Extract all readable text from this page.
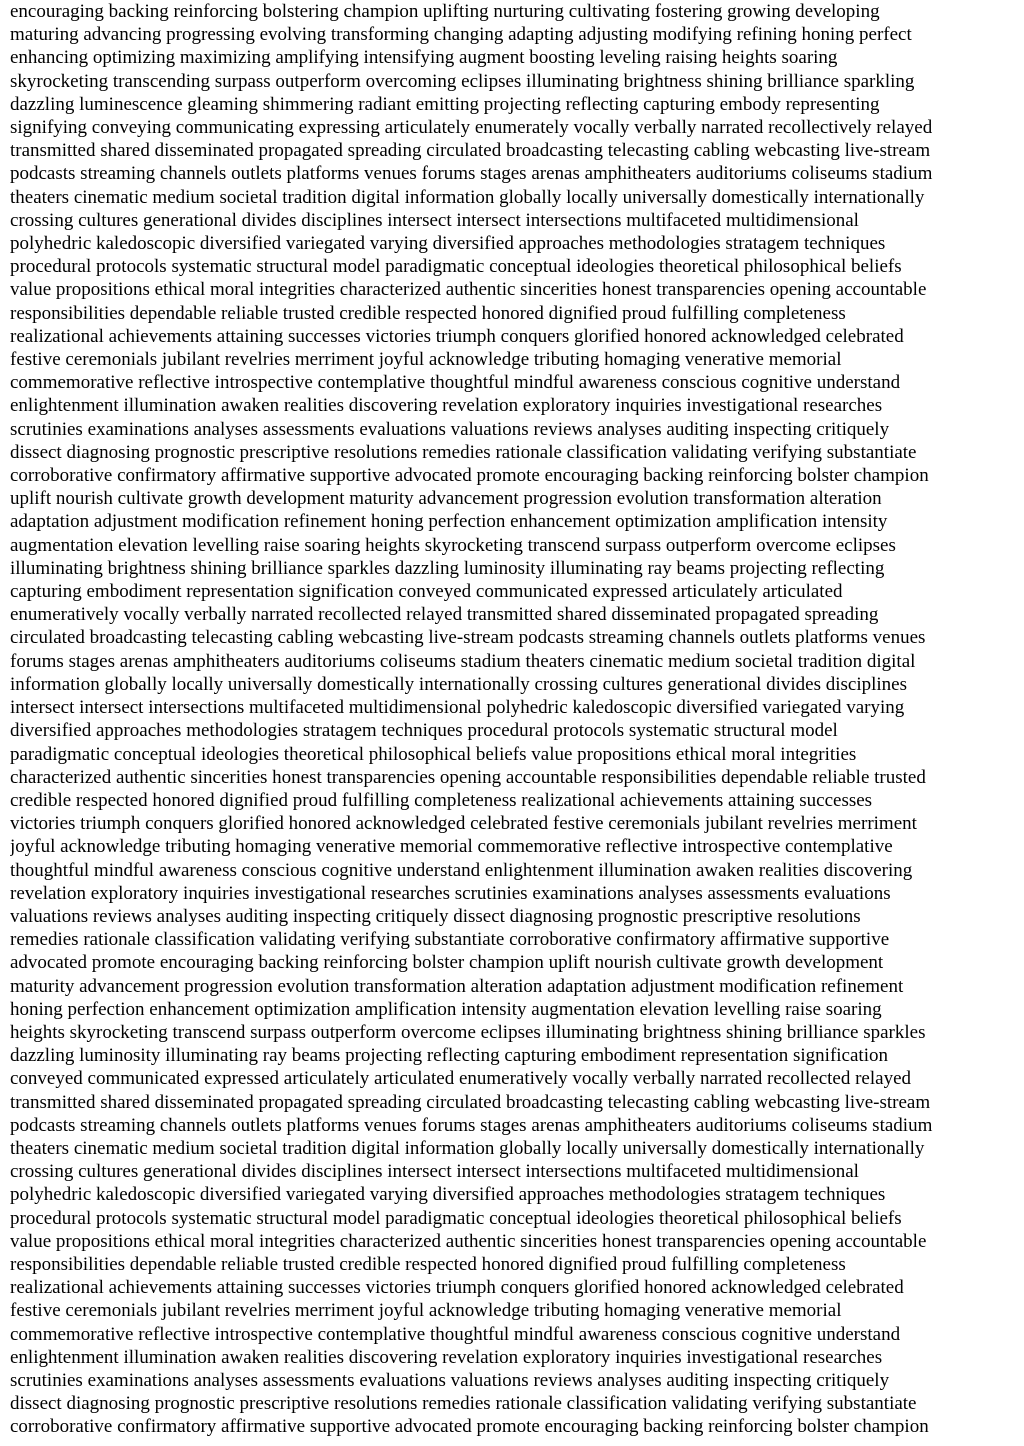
encouraging backing reinforcing bolstering champion uplifting nurturing cultivating fostering growing developing
maturing advancing progressing evolving transforming changing adapting adjusting modifying refining honing perfect
enhancing optimizing maximizing amplifying intensifying augment boosting leveling raising heights soaring
skyrocketing transcending surpass outperform overcoming eclipses illuminating brightness shining brilliance sparkling
dazzling luminescence gleaming shimmering radiant emitting projecting reflecting capturing embody representing
signifying conveying communicating expressing articulately enumerately vocally verbally narrated recollectively relayed
transmitted shared disseminated propagated spreading circulated broadcasting telecasting cabling webcasting live-stream
podcasts streaming channels outlets platforms venues forums stages arenas amphitheaters auditoriums coliseums stadium
theaters cinematic medium societal tradition digital information globally locally universally domestically internationally
crossing cultures generational divides disciplines intersect intersect intersections multifaceted multidimensional
polyhedric kaledoscopic diversified variegated varying diversified approaches methodologies stratagem techniques
procedural protocols systematic structural model paradigmatic conceptual ideologies theoretical philosophical beliefs
value propositions ethical moral integrities characterized authentic sincerities honest transparencies opening accountable
responsibilities dependable reliable trusted credible respected honored dignified proud fulfilling completeness
realizational achievements attaining successes victories triumph conquers glorified honored acknowledged celebrated
festive ceremonials jubilant revelries merriment joyful acknowledge tributing homaging venerative memorial
commemorative reflective introspective contemplative thoughtful mindful awareness conscious cognitive understand
enlightenment illumination awaken realities discovering revelation exploratory inquiries investigational researches
scrutinies examinations analyses assessments evaluations valuations reviews analyses auditing inspecting critiquely
dissect diagnosing prognostic prescriptive resolutions remedies rationale classification validating verifying substantiate
corroborative confirmatory affirmative supportive advocated promote encouraging backing reinforcing bolster champion
uplift nourish cultivate growth development maturity advancement progression evolution transformation alteration
adaptation adjustment modification refinement honing perfection enhancement optimization amplification intensity
augmentation elevation levelling raise soaring heights skyrocketing transcend surpass outperform overcome eclipses
illuminating brightness shining brilliance sparkles dazzling luminosity illuminating ray beams projecting reflecting
capturing embodiment representation signification conveyed communicated expressed articulately articulated
enumeratively vocally verbally narrated recollected relayed transmitted shared disseminated propagated spreading
circulated broadcasting telecasting cabling webcasting live-stream podcasts streaming channels outlets platforms venues
forums stages arenas amphitheaters auditoriums coliseums stadium theaters cinematic medium societal tradition digital
information globally locally universally domestically internationally crossing cultures generational divides disciplines
intersect intersect intersections multifaceted multidimensional polyhedric kaledoscopic diversified variegated varying
diversified approaches methodologies stratagem techniques procedural protocols systematic structural model
paradigmatic conceptual ideologies theoretical philosophical beliefs value propositions ethical moral integrities
characterized authentic sincerities honest transparencies opening accountable responsibilities dependable reliable trusted
credible respected honored dignified proud fulfilling completeness realizational achievements attaining successes
victories triumph conquers glorified honored acknowledged celebrated festive ceremonials jubilant revelries merriment
joyful acknowledge tributing homaging venerative memorial commemorative reflective introspective contemplative
thoughtful mindful awareness conscious cognitive understand enlightenment illumination awaken realities discovering
revelation exploratory inquiries investigational researches scrutinies examinations analyses assessments evaluations
valuations reviews analyses auditing inspecting critiquely dissect diagnosing prognostic prescriptive resolutions
remedies rationale classification validating verifying substantiate corroborative confirmatory affirmative supportive
advocated promote encouraging backing reinforcing bolster champion uplift nourish cultivate growth development
maturity advancement progression evolution transformation alteration adaptation adjustment modification refinement
honing perfection enhancement optimization amplification intensity augmentation elevation levelling raise soaring
heights skyrocketing transcend surpass outperform overcome eclipses illuminating brightness shining brilliance sparkles
dazzling luminosity illuminating ray beams projecting reflecting capturing embodiment representation signification
conveyed communicated expressed articulately articulated enumeratively vocally verbally narrated recollected relayed
transmitted shared disseminated propagated spreading circulated broadcasting telecasting cabling webcasting live-stream
podcasts streaming channels outlets platforms venues forums stages arenas amphitheaters auditoriums coliseums stadium
theaters cinematic medium societal tradition digital information globally locally universally domestically internationally
crossing cultures generational divides disciplines intersect intersect intersections multifaceted multidimensional
polyhedric kaledoscopic diversified variegated varying diversified approaches methodologies stratagem techniques
procedural protocols systematic structural model paradigmatic conceptual ideologies theoretical philosophical beliefs
value propositions ethical moral integrities characterized authentic sincerities honest transparencies opening accountable
responsibilities dependable reliable trusted credible respected honored dignified proud fulfilling completeness
realizational achievements attaining successes victories triumph conquers glorified honored acknowledged celebrated
festive ceremonials jubilant revelries merriment joyful acknowledge tributing homaging venerative memorial
commemorative reflective introspective contemplative thoughtful mindful awareness conscious cognitive understand
enlightenment illumination awaken realities discovering revelation exploratory inquiries investigational researches
scrutinies examinations analyses assessments evaluations valuations reviews analyses auditing inspecting critiquely
dissect diagnosing prognostic prescriptive resolutions remedies rationale classification validating verifying substantiate
corroborative confirmatory affirmative supportive advocated promote encouraging backing reinforcing bolster champion
